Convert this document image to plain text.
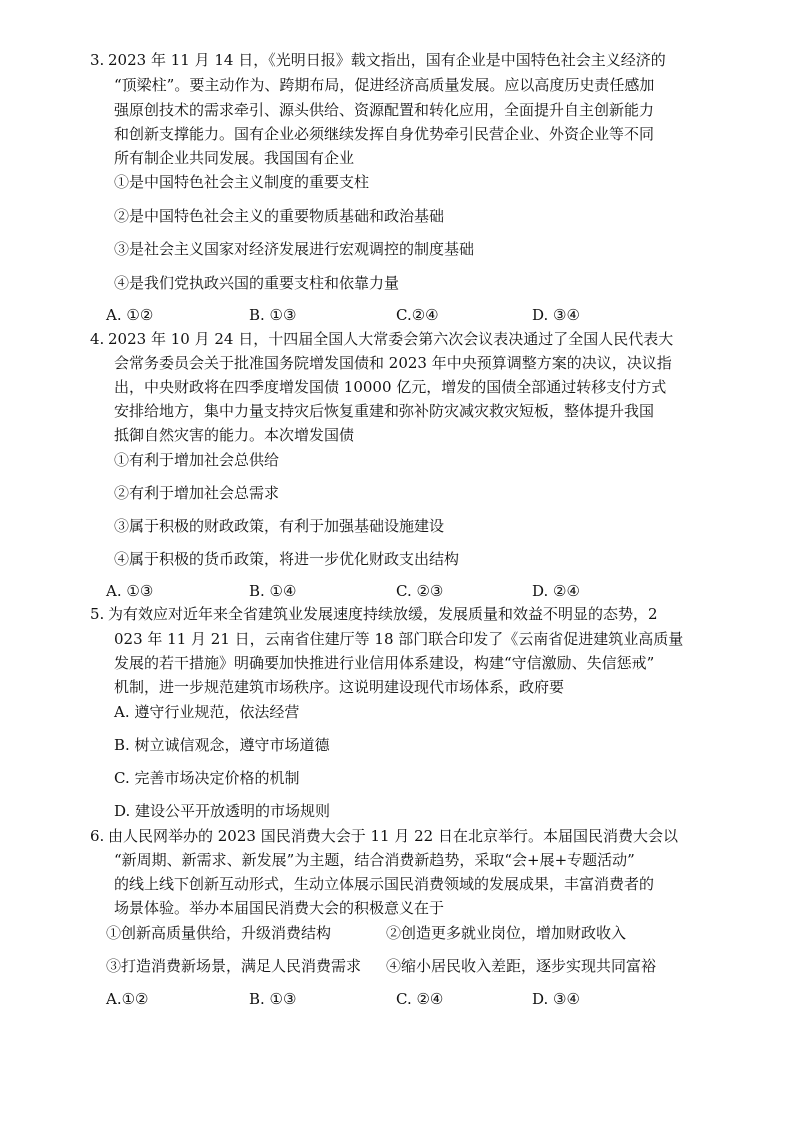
3. 2023 年 11 月 14 日，《光明日报》载文指出，国有企业是中国特色社会主义经济的
“顶梁柱”。要主动作为、跨期布局，促进经济高质量发展。应以高度历史责任感加
强原创技术的需求牵引、源头供给、资源配置和转化应用，全面提升自主创新能力
和创新支撑能力。国有企业必须继续发挥自身优势牵引民营企业、外资企业等不同
所有制企业共同发展。我国国有企业
①是中国特色社会主义制度的重要支柱
②是中国特色社会主义的重要物质基础和政治基础
③是社会主义国家对经济发展进行宏观调控的制度基础
④是我们党执政兴国的重要支柱和依靠力量
A. ①②	B. ①③	C.②④	D. ③④
4. 2023 年 10 月 24 日，十四届全国人大常委会第六次会议表决通过了全国人民代表大
会常务委员会关于批准国务院增发国债和 2023 年中央预算调整方案的决议，决议指
出，中央财政将在四季度增发国债 10000 亿元，增发的国债全部通过转移支付方式
安排给地方，集中力量支持灾后恢复重建和弥补防灾减灾救灾短板，整体提升我国
抵御自然灾害的能力。本次增发国债
①有利于增加社会总供给
②有利于增加社会总需求
③属于积极的财政政策，有利于加强基础设施建设
④属于积极的货币政策，将进一步优化财政支出结构
A. ①③	B. ①④	C. ②③	D. ②④
5. 为有效应对近年来全省建筑业发展速度持续放缓，发展质量和效益不明显的态势，2
023 年 11 月 21 日，云南省住建厅等 18 部门联合印发了《云南省促进建筑业高质量
发展的若干措施》明确要加快推进行业信用体系建设，构建“守信激励、失信惩戒”
机制，进一步规范建筑市场秩序。这说明建设现代市场体系，政府要
A. 遵守行业规范，依法经营
B. 树立诚信观念，遵守市场道德
C. 完善市场决定价格的机制
D. 建设公平开放透明的市场规则
6. 由人民网举办的 2023 国民消费大会于 11 月 22 日在北京举行。本届国民消费大会以
“新周期、新需求、新发展”为主题，结合消费新趋势，采取“会+展+专题活动”
的线上线下创新互动形式，生动立体展示国民消费领域的发展成果，丰富消费者的
场景体验。举办本届国民消费大会的积极意义在于
①创新高质量供给，升级消费结构	②创造更多就业岗位，增加财政收入
③打造消费新场景，满足人民消费需求 ④缩小居民收入差距，逐步实现共同富裕
A.①②	B. ①③	C. ②④	D. ③④
